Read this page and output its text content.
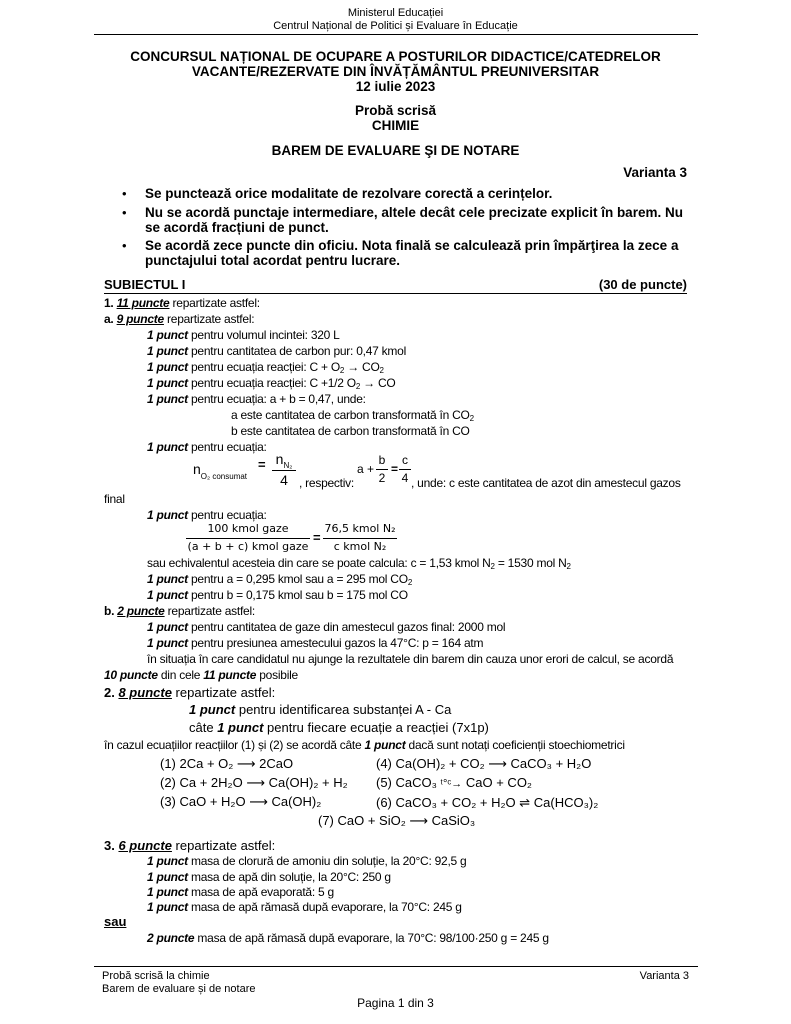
Ministerul Educației
Centrul Național de Politici și Evaluare în Educație
CONCURSUL NAȚIONAL DE OCUPARE A POSTURILOR DIDACTICE/CATEDRELOR
VACANTE/REZERVATE DIN ÎNVĂȚĂMÂNTUL PREUNIVERSITAR
12 iulie 2023
Probă scrisă
CHIMIE
BAREM DE EVALUARE ŞI DE NOTARE
Varianta 3
• Se punctează orice modalitate de rezolvare corectă a cerințelor.
• Nu se acordă punctaje intermediare, altele decât cele precizate explicit în barem. Nu
se acordă fracțiuni de punct.
• Se acordă zece puncte din oficiu. Nota finală se calculează prin împărţirea la zece a
punctajului total acordat pentru lucrare.
SUBIECTUL I	(30 de puncte)
1. 11 puncte repartizate astfel:
a. 9 puncte repartizate astfel:
1 punct pentru volumul incintei: 320 L
1 punct pentru cantitatea de carbon pur: 0,47 kmol
1 punct pentru ecuația reacției: $C + O_2 \to CO_2$
1 punct pentru ecuația reacției: C +1/2 $O_2$ → CO
1 punct pentru ecuația: a + b = 0,47, unde:
a este cantitatea de carbon transformată în $CO_2$
b este cantitatea de carbon transformată în CO
1 punct pentru ecuația:
$n_{O_2 consumat}$
= $n_{N_2}$
4 , respectiv:
a +
b
2
=
c
4 , unde: c este cantitatea de azot din amestecul gazos
final
1 punct pentru ecuația:
100 kmol gaze
(a + b + c) kmol gaze
=
76,5 kmol N₂
c kmol N₂
sau echivalentul acesteia din care se poate calcula: c = 1,53 kmol $N_2 = 1530$ mol $N_2$
1 punct pentru a = 0,295 kmol sau a = 295 mol $CO_2$
1 punct pentru b = 0,175 kmol sau b = 175 mol CO
b. 2 puncte repartizate astfel:
1 punct pentru cantitatea de gaze din amestecul gazos final: 2000 mol
1 punct pentru presiunea amestecului gazos la 47°C: p = 164 atm
în situația în care candidatul nu ajunge la rezultatele din barem din cauza unor erori de calcul, se acordă
10 puncte din cele 11 puncte posibile
2. 8 puncte repartizate astfel:
1 punct pentru identificarea substanței A - Ca
câte 1 punct pentru fiecare ecuație a reacției (7x1p)
în cazul ecuațiilor reacțiilor (1) și (2) se acordă câte 1 punct dacă sunt notați coeficienții stoechiometrici
(1) 2Ca + O₂ ⟶ 2CaO
(2) Ca + 2H₂O ⟶ Ca(OH)₂ + H₂
(3) CaO + H₂O ⟶ Ca(OH)₂
(4) Ca(OH)₂ + CO₂ ⟶ CaCO₃ + H₂O
(5) CaCO₃ ᵗ°ᶜ→ CaO + CO₂
(6) CaCO₃ + CO₂ + H₂O ⇌ Ca(HCO₃)₂
(7) CaO + SiO₂ ⟶ CaSiO₃
3. 6 puncte repartizate astfel:
1 punct masa de clorură de amoniu din soluție, la 20°C: 92,5 g
1 punct masa de apă din soluție, la 20°C: 250 g
1 punct masa de apă evaporată: 5 g
1 punct masa de apă rămasă după evaporare, la 70°C: 245 g
sau
2 puncte masa de apă rămasă după evaporare, la 70°C: 98/100·250 g = 245 g
Probă scrisă la chimie
Barem de evaluare și de notare
Varianta 3
Pagina 1 din 3
